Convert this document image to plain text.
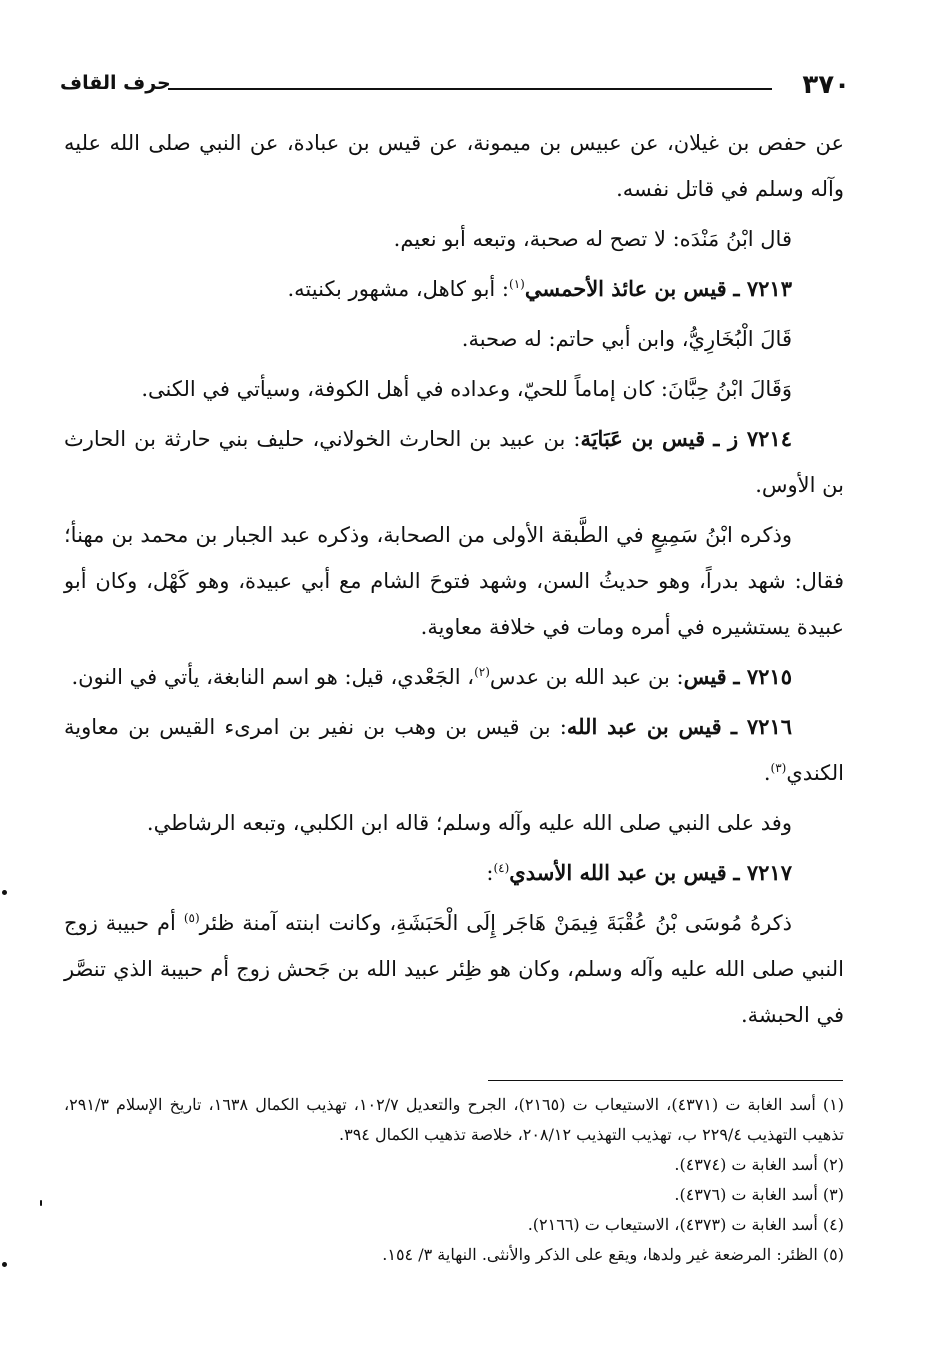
٣٧٠
حرف القاف

عن حفص بن غيلان، عن عبيس بن ميمونة، عن قيس بن عبادة، عن النبي صلى الله عليه وآله وسلم في قاتل نفسه.

قال ابْنُ مَنْدَه: لا تصح له صحبة، وتبعه أبو نعيم.

٧٢١٣ ـ قيس بن عائذ الأحمسي$^{(١)}$: أبو كاهل، مشهور بكنيته.

قَالَ الْبُخَارِيُّ، وابن أبي حاتم: له صحبة.

وَقَالَ ابْنُ حِبَّانَ: كان إماماً للحيّ، وعداده في أهل الكوفة، وسيأتي في الكنى.

٧٢١٤ ز ـ قيس بن عَبَايَة: بن عبيد بن الحارث الخولاني، حليف بني حارثة بن الحارث بن الأوس.

وذكره ابْنُ سَمِيعٍ في الطَّبقة الأولى من الصحابة، وذكره عبد الجبار بن محمد بن مهنأ؛ فقال: شهد بدراً، وهو حديثُ السن، وشهد فتوحَ الشام مع أبي عبيدة، وهو كَهْل، وكان أبو عبيدة يستشيره في أمره ومات في خلافة معاوية.

٧٢١٥ ـ قيس: بن عبد الله بن عدس$^{(٢)}$، الجَعْدي، قيل: هو اسم النابغة، يأتي في النون.

٧٢١٦ ـ قيس بن عبد الله: بن قيس بن وهب بن نفير بن امرىء القيس بن معاوية الكندي$^{(٣)}$.

وفد على النبي صلى الله عليه وآله وسلم؛ قاله ابن الكلبي، وتبعه الرشاطي.

٧٢١٧ ـ قيس بن عبد الله الأسدي$^{(٤)}$:

ذكرهُ مُوسَى بْنُ عُقْبَةَ فِيمَنْ هَاجَر إِلَى الْحَبَشَةِ، وكانت ابنته آمنة ظئر$^{(٥)}$ أم حبيبة زوج النبي صلى الله عليه وآله وسلم، وكان هو ظِئر عبيد الله بن جَحش زوج أم حبيبة الذي تنصَّر في الحبشة.

(١) أسد الغابة ت (٤٣٧١)، الاستيعاب ت (٢١٦٥)، الجرح والتعديل ١٠٢/٧، تهذيب الكمال ١٦٣٨، تاريخ الإسلام ٢٩١/٣، تذهيب التهذيب ٢٢٩/٤ ب، تهذيب التهذيب ٢٠٨/١٢، خلاصة تذهيب الكمال ٣٩٤.

(٢) أسد الغابة ت (٤٣٧٤).

(٣) أسد الغابة ت (٤٣٧٦).

(٤) أسد الغابة ت (٤٣٧٣)، الاستيعاب ت (٢١٦٦).

(٥) الظئر: المرضعة غير ولدها، ويقع على الذكر والأنثى. النهاية ٣/ ١٥٤.
